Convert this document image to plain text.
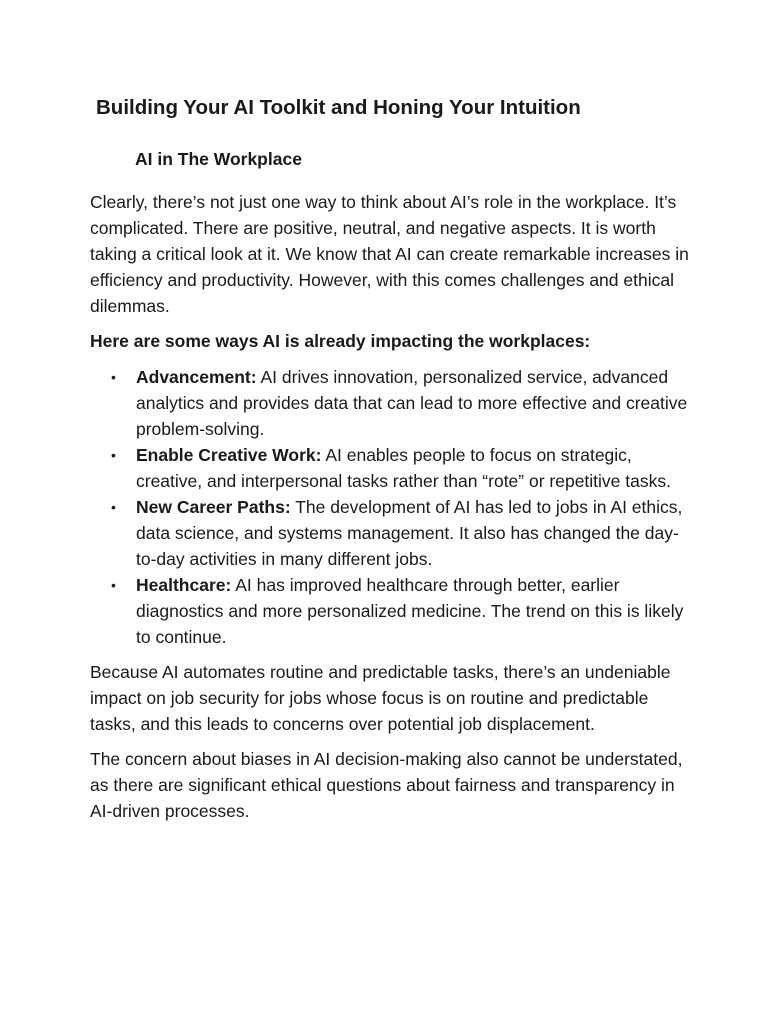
Building Your AI Toolkit and Honing Your Intuition
AI in The Workplace

Clearly, there’s not just one way to think about AI’s role in the workplace. It’s complicated. There are positive, neutral, and negative aspects. It is worth taking a critical look at it. We know that AI can create remarkable increases in efficiency and productivity. However, with this comes challenges and ethical dilemmas.

Here are some ways AI is already impacting the workplaces:

• Advancement: AI drives innovation, personalized service, advanced analytics and provides data that can lead to more effective and creative problem-solving.
• Enable Creative Work: AI enables people to focus on strategic, creative, and interpersonal tasks rather than “rote” or repetitive tasks.
• New Career Paths: The development of AI has led to jobs in AI ethics, data science, and systems management. It also has changed the day-to-day activities in many different jobs.
• Healthcare: AI has improved healthcare through better, earlier diagnostics and more personalized medicine. The trend on this is likely to continue.

Because AI automates routine and predictable tasks, there’s an undeniable impact on job security for jobs whose focus is on routine and predictable tasks, and this leads to concerns over potential job displacement.

The concern about biases in AI decision-making also cannot be understated, as there are significant ethical questions about fairness and transparency in AI-driven processes.
